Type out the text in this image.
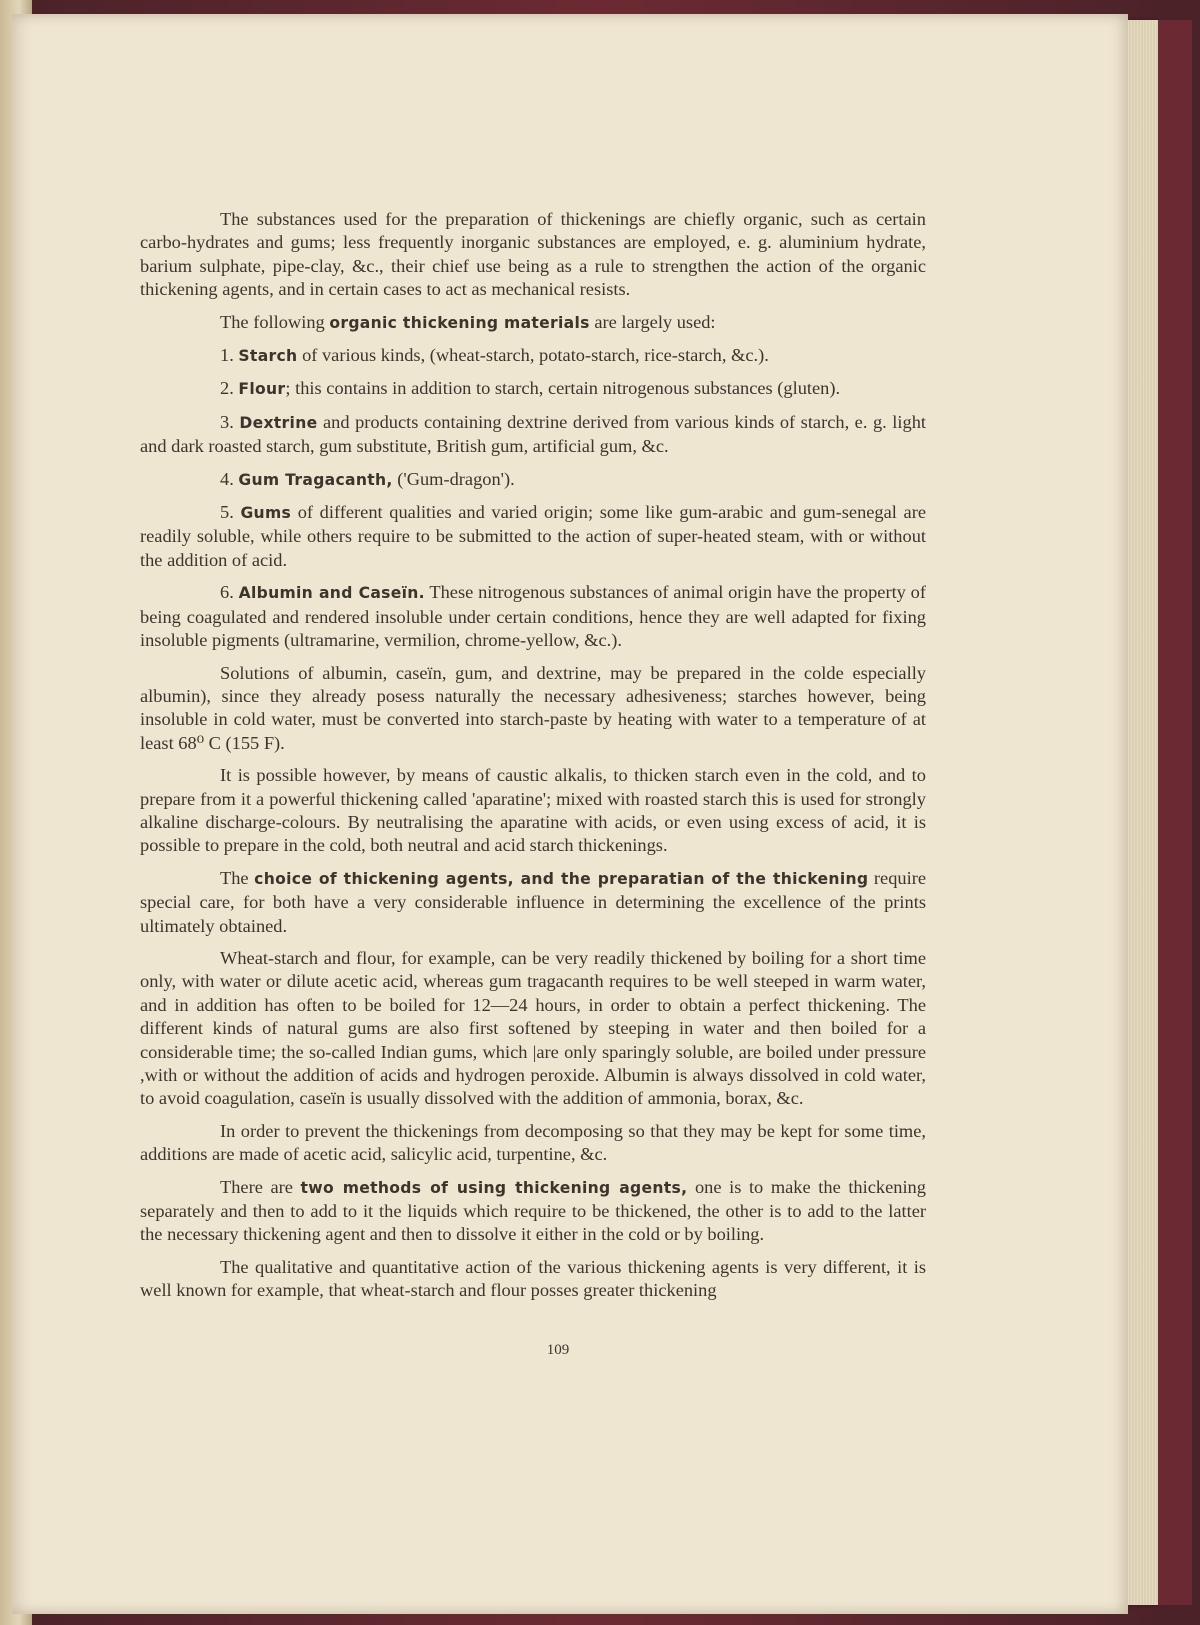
The substances used for the preparation of thickenings are chiefly organic, such as certain carbo-hydrates and gums; less frequently inorganic substances are employed, e. g. aluminium hydrate, barium sulphate, pipe-clay, &c., their chief use being as a rule to strengthen the action of the organic thickening agents, and in certain cases to act as mechanical resists.

The following organic thickening materials are largely used:

1. Starch of various kinds, (wheat-starch, potato-starch, rice-starch, &c.).
2. Flour; this contains in addition to starch, certain nitrogenous substances (gluten).
3. Dextrine and products containing dextrine derived from various kinds of starch, e. g. light and dark roasted starch, gum substitute, British gum, artificial gum, &c.
4. Gum Tragacanth, ('Gum-dragon').
5. Gums of different qualities and varied origin; some like gum-arabic and gum-senegal are readily soluble, while others require to be submitted to the action of super-heated steam, with or without the addition of acid.
6. Albumin and Caseïn. These nitrogenous substances of animal origin have the property of being coagulated and rendered insoluble under certain conditions, hence they are well adapted for fixing insoluble pigments (ultramarine, vermilion, chrome-yellow, &c.).

Solutions of albumin, caseïn, gum, and dextrine, may be prepared in the colde especially albumin), since they already posess naturally the necessary adhesiveness; starches however, being insoluble in cold water, must be converted into starch-paste by heating with water to a temperature of at least 68⁰ C (155 F).

It is possible however, by means of caustic alkalis, to thicken starch even in the cold, and to prepare from it a powerful thickening called 'aparatine'; mixed with roasted starch this is used for strongly alkaline discharge-colours. By neutralising the aparatine with acids, or even using excess of acid, it is possible to prepare in the cold, both neutral and acid starch thickenings.

The choice of thickening agents, and the preparatian of the thickening require special care, for both have a very considerable influence in determining the excellence of the prints ultimately obtained.

Wheat-starch and flour, for example, can be very readily thickened by boiling for a short time only, with water or dilute acetic acid, whereas gum tragacanth requires to be well steeped in warm water, and in addition has often to be boiled for 12—24 hours, in order to obtain a perfect thickening. The different kinds of natural gums are also first softened by steeping in water and then boiled for a considerable time; the so-called Indian gums, which |are only sparingly soluble, are boiled under pressure ,with or without the addition of acids and hydrogen peroxide. Albumin is always dissolved in cold water, to avoid coagulation, caseïn is usually dissolved with the addition of ammonia, borax, &c.

In order to prevent the thickenings from decomposing so that they may be kept for some time, additions are made of acetic acid, salicylic acid, turpentine, &c.

There are two methods of using thickening agents, one is to make the thickening separately and then to add to it the liquids which require to be thickened, the other is to add to the latter the necessary thickening agent and then to dissolve it either in the cold or by boiling.

The qualitative and quantitative action of the various thickening agents is very different, it is well known for example, that wheat-starch and flour posses greater thickening

109
